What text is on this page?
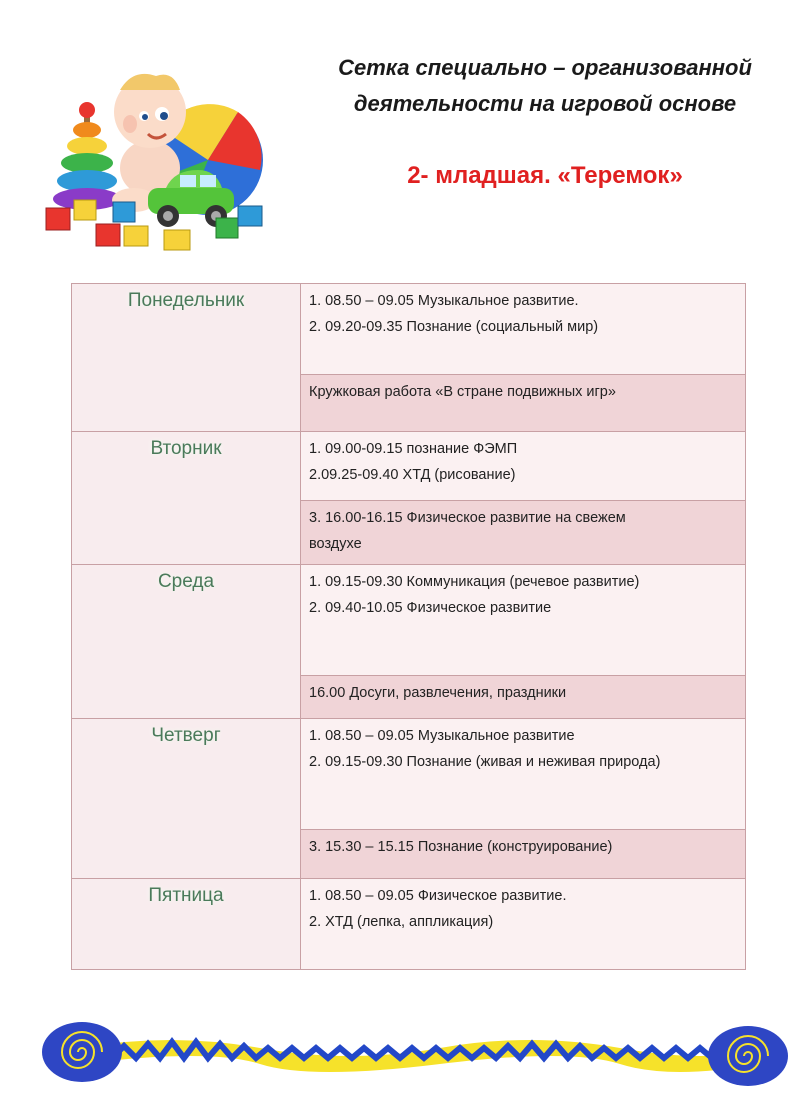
Сетка специально – организованной
деятельности на игровой основе
2- младшая. «Теремок»
Понедельник	1. 08.50 – 09.05 Музыкальное развитие.
2. 09.20-09.35 Познание (социальный мир)

	Кружковая работа «В стране подвижных игр»

Вторник	1. 09.00-09.15 познание ФЭМП
2.09.25-09.40 ХТД (рисование)

	3. 16.00-16.15 Физическое развитие на свежем
воздухе

Среда	1. 09.15-09.30 Коммуникация (речевое развитие)
2. 09.40-10.05 Физическое развитие

	16.00 Досуги, развлечения, праздники

Четверг	1. 08.50 – 09.05 Музыкальное развитие
2. 09.15-09.30 Познание (живая и неживая природа)

	3. 15.30 – 15.15 Познание (конструирование)

Пятница	1. 08.50 – 09.05 Физическое развитие.
2. ХТД (лепка, аппликация)
